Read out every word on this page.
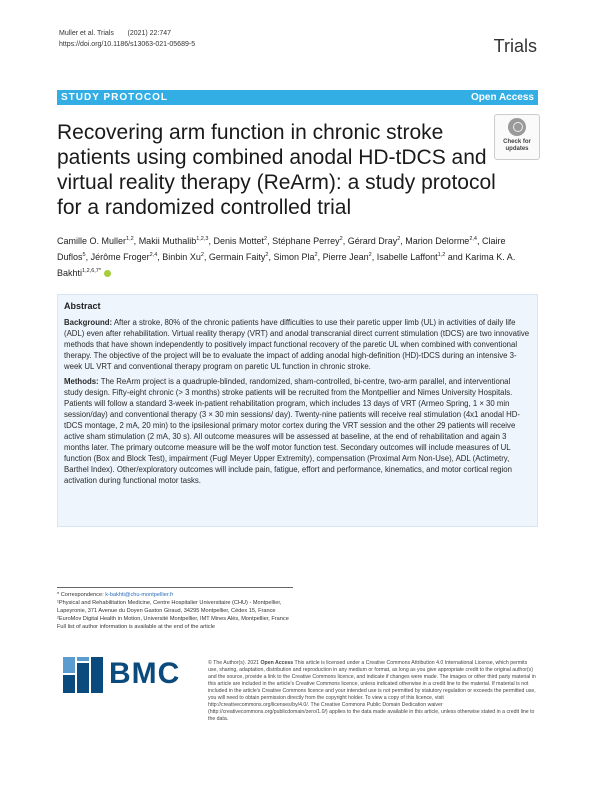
Muller et al. Trials (2021) 22:747
https://doi.org/10.1186/s13063-021-05689-5	Trials
STUDY PROTOCOL	Open Access
Recovering arm function in chronic stroke patients using combined anodal HD-tDCS and virtual reality therapy (ReArm): a study protocol for a randomized controlled trial
Check for
updates
Camille O. Muller$^{1,2}$, Makii Muthalib$^{1,2,3}$, Denis Mottet$^2$, Stéphane Perrey$^2$, Gérard Dray$^2$, Marion Delorme$^{2,4}$, Claire Duflos$^5$, Jérôme Froger$^{2,4}$, Binbin Xu$^2$, Germain Faity$^2$, Simon Pla$^2$, Pierre Jean$^2$, Isabelle Laffont$^{1,2}$ and Karima K. A. Bakhti$^{1,2,6,7*}$
Abstract
Background: After a stroke, 80% of the chronic patients have difficulties to use their paretic upper limb (UL) in activities of daily life (ADL) even after rehabilitation. Virtual reality therapy (VRT) and anodal transcranial direct current stimulation (tDCS) are two innovative methods that have shown independently to positively impact functional recovery of the paretic UL when combined with conventional therapy. The objective of the project will be to evaluate the impact of adding anodal high-definition (HD)-tDCS during an intensive 3-week UL VRT and conventional therapy program on paretic UL function in chronic stroke.
Methods: The ReArm project is a quadruple-blinded, randomized, sham-controlled, bi-centre, two-arm parallel, and interventional study design. Fifty-eight chronic (> 3 months) stroke patients will be recruited from the Montpellier and Nimes University Hospitals. Patients will follow a standard 3-week in-patient rehabilitation program, which includes 13 days of VRT (Armeo Spring, 1 × 30 min session/day) and conventional therapy (3 × 30 min sessions/ day). Twenty-nine patients will receive real stimulation (4x1 anodal HD-tDCS montage, 2 mA, 20 min) to the ipsilesional primary motor cortex during the VRT session and the other 29 patients will receive active sham stimulation (2 mA, 30 s). All outcome measures will be assessed at baseline, at the end of rehabilitation and again 3 months later. The primary outcome measure will be the wolf motor function test. Secondary outcomes will include measures of UL function (Box and Block Test), impairment (Fugl Meyer Upper Extremity), compensation (Proximal Arm Non-Use), ADL (Actimetry, Barthel Index). Other/exploratory outcomes will include pain, fatigue, effort and performance, kinematics, and motor cortical region activation during functional motor tasks.
* Correspondence: k-bakhti@chu-montpellier.fr
¹Physical and Rehabilitation Medicine, Centre Hospitalier Universitaire (CHU) - Montpellier, Lapeyronie, 371 Avenue du Doyen Gaston Giraud, 34295 Montpellier, Cédex 15, France
²EuroMov Digital Health in Motion, Université Montpellier, IMT Mines Alès, Montpellier, France
Full list of author information is available at the end of the article
BMC	© The Author(s). 2021 Open Access This article is licensed under a Creative Commons Attribution 4.0 International License, which permits use, sharing, adaptation, distribution and reproduction in any medium or format, as long as you give appropriate credit to the original author(s) and the source, provide a link to the Creative Commons licence, and indicate if changes were made. The images or other third party material in this article are included in the article's Creative Commons licence, unless indicated otherwise in a credit line to the material. If material is not included in the article's Creative Commons licence and your intended use is not permitted by statutory regulation or exceeds the permitted use, you will need to obtain permission directly from the copyright holder. To view a copy of this licence, visit http://creativecommons.org/licenses/by/4.0/. The Creative Commons Public Domain Dedication waiver (http://creativecommons.org/publicdomain/zero/1.0/) applies to the data made available in this article, unless otherwise stated in a credit line to the data.
